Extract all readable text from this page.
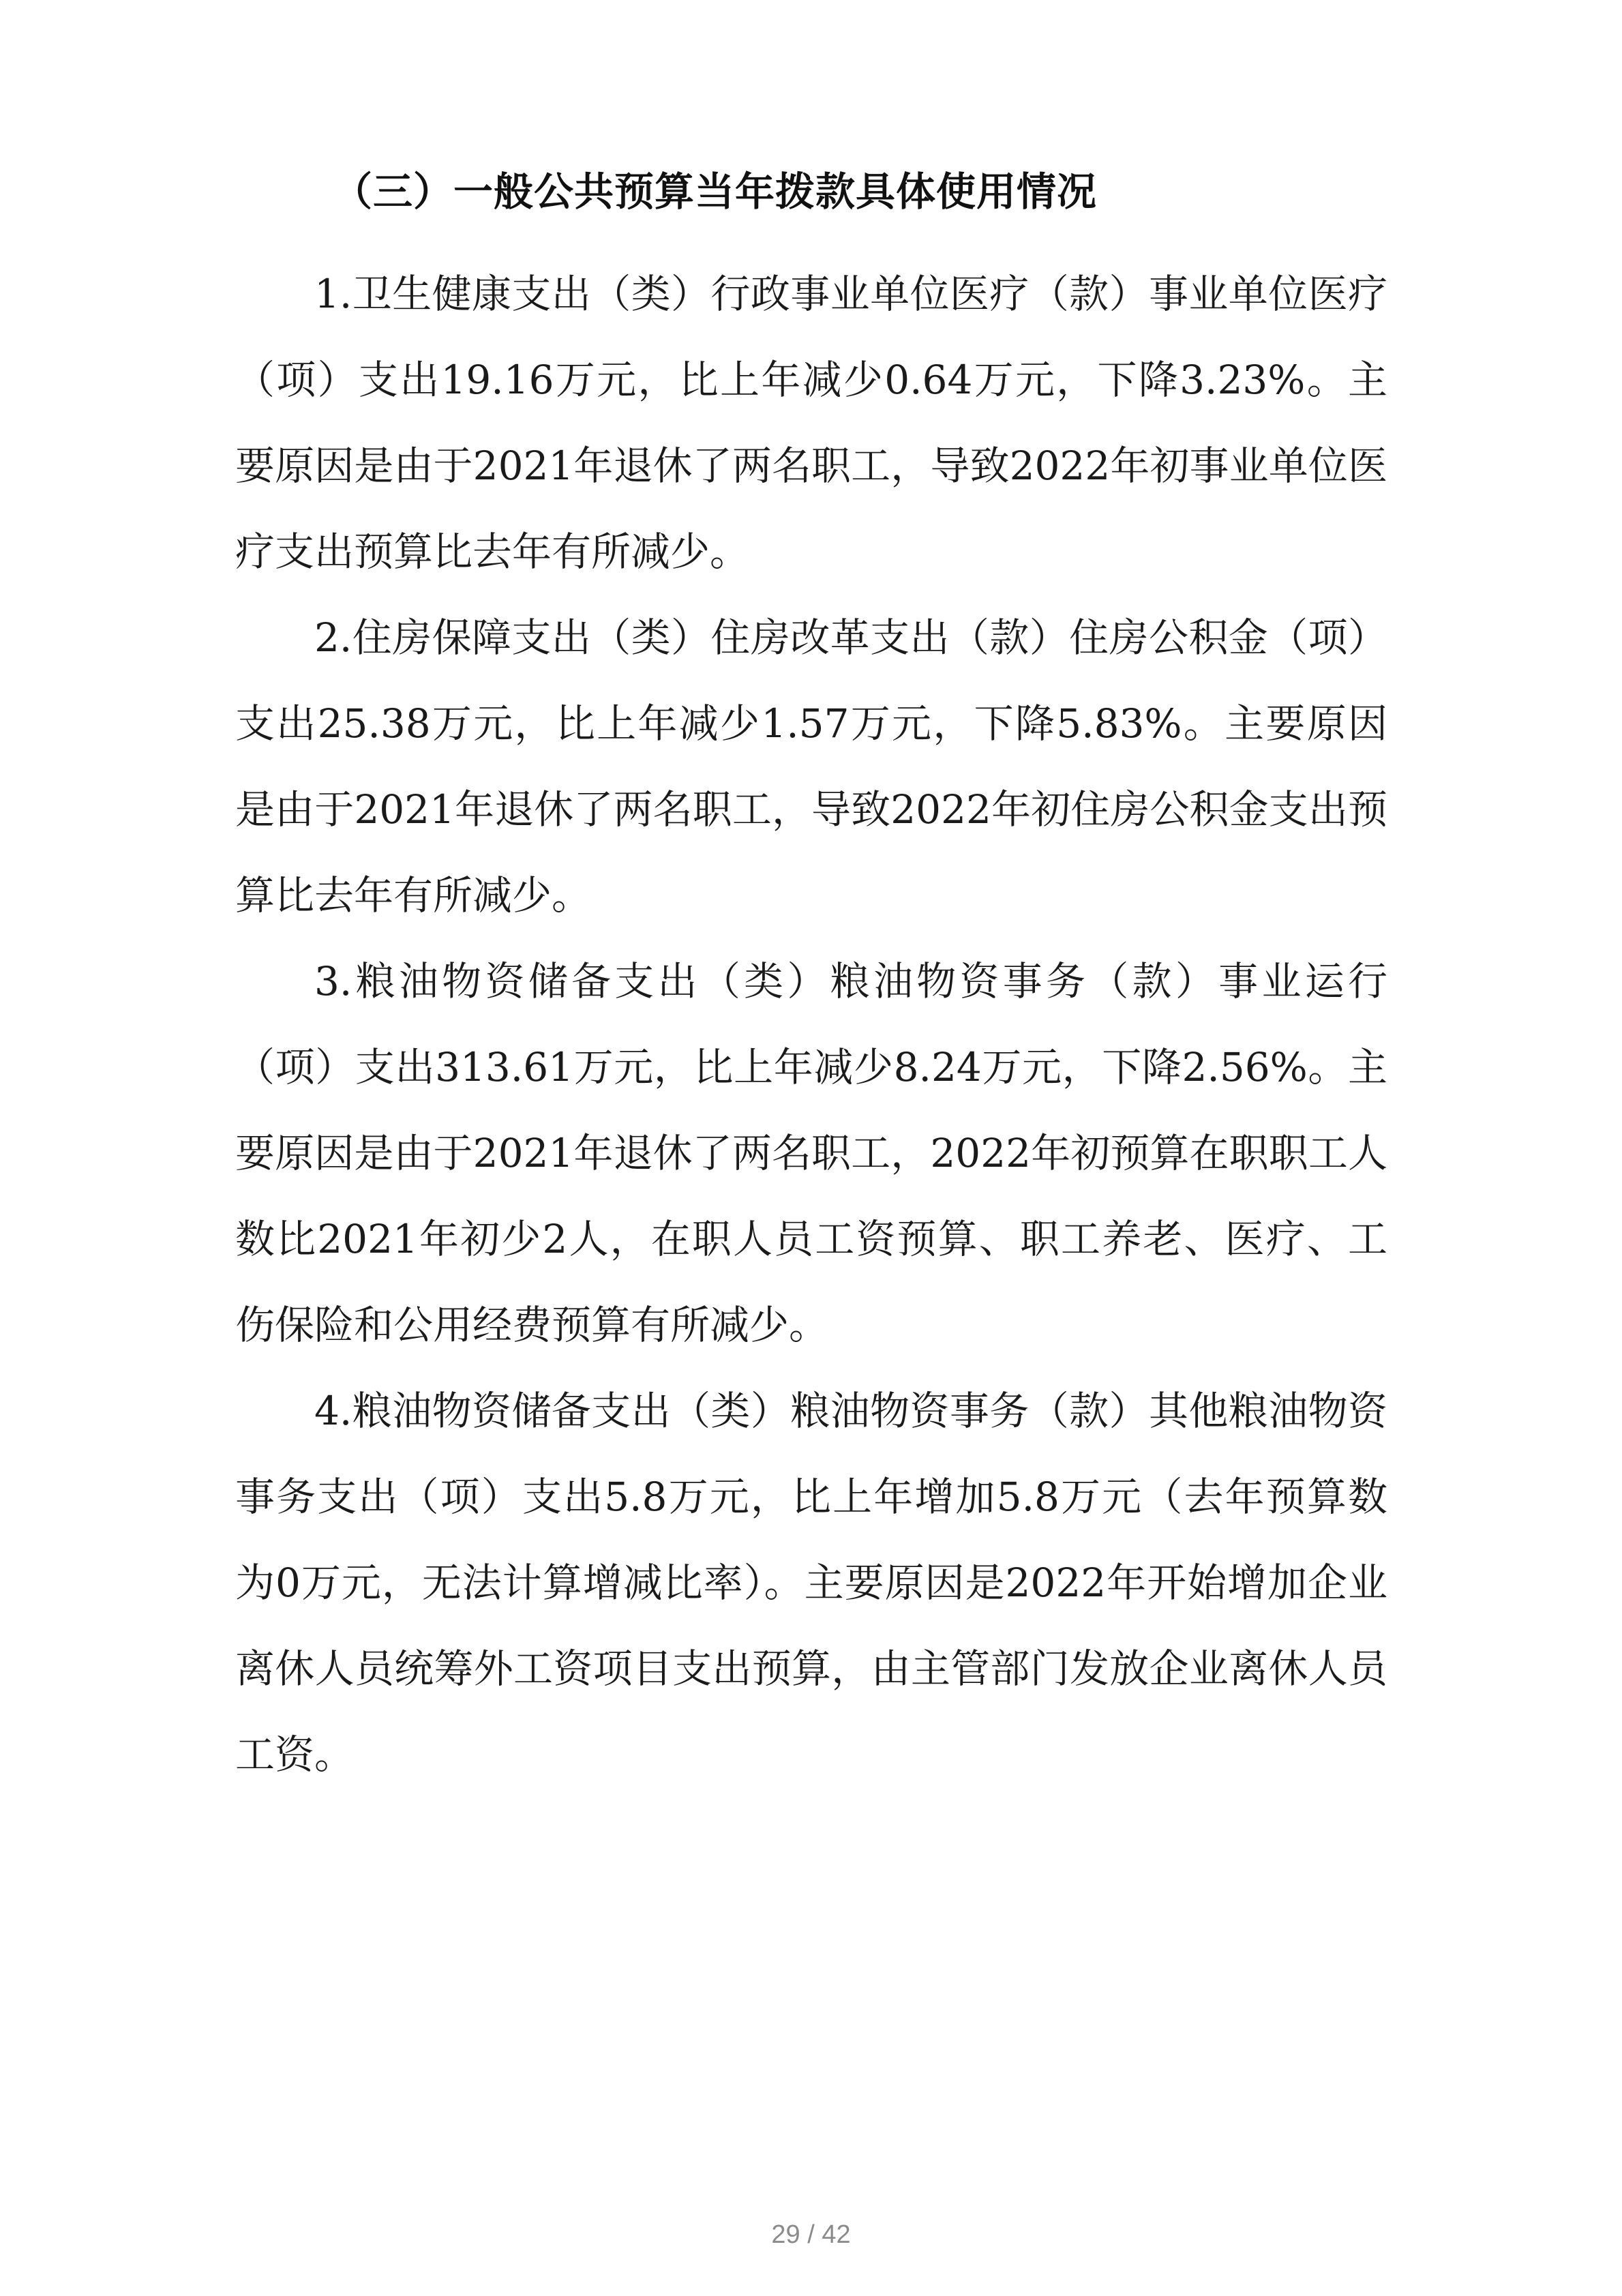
（三）一般公共预算当年拨款具体使用情况

1.卫生健康支出（类）行政事业单位医疗（款）事业单位医疗（项）支出19.16万元，比上年减少0.64万元，下降3.23%。主要原因是由于2021年退休了两名职工，导致2022年初事业单位医疗支出预算比去年有所减少。

2.住房保障支出（类）住房改革支出（款）住房公积金（项）支出25.38万元，比上年减少1.57万元，下降5.83%。主要原因是由于2021年退休了两名职工，导致2022年初住房公积金支出预算比去年有所减少。

3.粮油物资储备支出（类）粮油物资事务（款）事业运行（项）支出313.61万元，比上年减少8.24万元，下降2.56%。主要原因是由于2021年退休了两名职工，2022年初预算在职职工人数比2021年初少2人，在职人员工资预算、职工养老、医疗、工伤保险和公用经费预算有所减少。

4.粮油物资储备支出（类）粮油物资事务（款）其他粮油物资事务支出（项）支出5.8万元，比上年增加5.8万元（去年预算数为0万元，无法计算增减比率）。主要原因是2022年开始增加企业离休人员统筹外工资项目支出预算，由主管部门发放企业离休人员工资。

29 / 42
